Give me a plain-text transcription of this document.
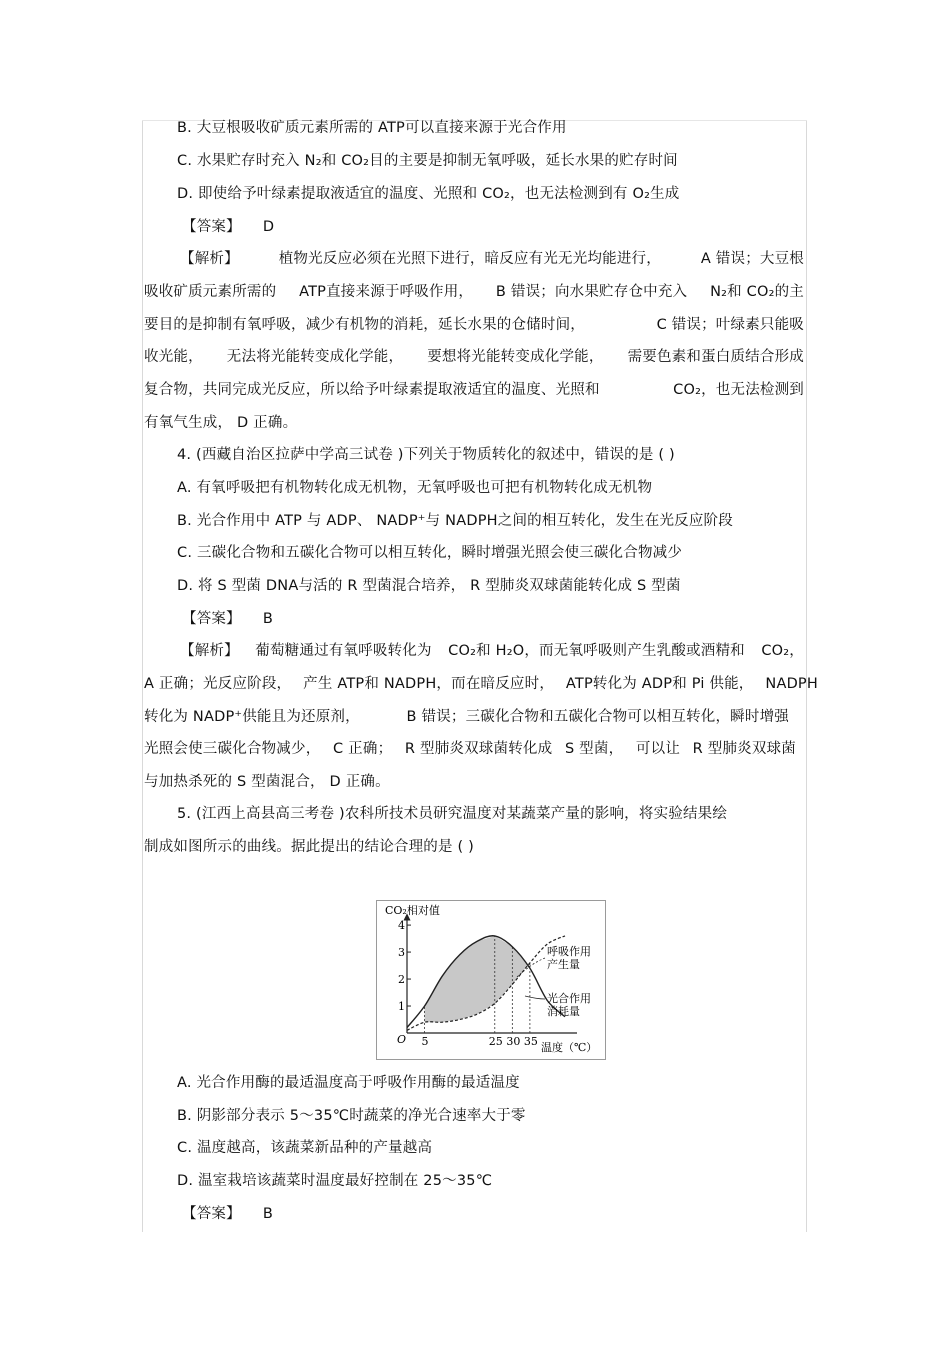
B. 大豆根吸收矿质元素所需的 ATP可以直接来源于光合作用
C. 水果贮存时充入 N₂和 CO₂目的主要是抑制无氧呼吸，延长水果的贮存时间
D. 即使给予叶绿素提取液适宜的温度、光照和 CO₂，也无法检测到有 O₂生成
【答案】 D
【解析】	植物光反应必须在光照下进行，暗反应有光无光均能进行，	A 错误；大豆根
吸收矿质元素所需的 ATP直接来源于呼吸作用， B 错误；向水果贮存仓中充入 N₂和 CO₂的主
要目的是抑制有氧呼吸，减少有机物的消耗，延长水果的仓储时间，	C 错误；叶绿素只能吸
收光能， 无法将光能转变成化学能， 要想将光能转变成化学能， 需要色素和蛋白质结合形成
复合物，共同完成光反应，所以给予叶绿素提取液适宜的温度、光照和	CO₂，也无法检测到
有氧气生成， D 正确。
4. (西藏自治区拉萨中学高三试卷 )下列关于物质转化的叙述中，错误的是 ( )
A. 有氧呼吸把有机物转化成无机物，无氧呼吸也可把有机物转化成无机物
B. 光合作用中 ATP 与 ADP、 NADP⁺与 NADPH之间的相互转化，发生在光反应阶段
C. 三碳化合物和五碳化合物可以相互转化，瞬时增强光照会使三碳化合物减少
D. 将 S 型菌 DNA与活的 R 型菌混合培养， R 型肺炎双球菌能转化成 S 型菌
【答案】 B
【解析】 葡萄糖通过有氧呼吸转化为 CO₂和 H₂O，而无氧呼吸则产生乳酸或酒精和 CO₂，
A 正确；光反应阶段， 产生 ATP和 NADPH，而在暗反应时， ATP转化为 ADP和 Pi 供能， NADPH
转化为 NADP⁺供能且为还原剂，	B 错误；三碳化合物和五碳化合物可以相互转化，瞬时增强
光照会使三碳化合物减少， C 正确； R 型肺炎双球菌转化成 S 型菌， 可以让 R 型肺炎双球菌
与加热杀死的 S 型菌混合， D 正确。
5. (江西上高县高三考卷 )农科所技术员研究温度对某蔬菜产量的影响，将实验结果绘
制成如图所示的曲线。据此提出的结论合理的是 ( )
1
2
3
4
5	25 30 35
CO₂相对值
O
温度（℃）
呼吸作用
产生量
光合作用
消耗量
A. 光合作用酶的最适温度高于呼吸作用酶的最适温度
B. 阴影部分表示 5～35℃时蔬菜的净光合速率大于零
C. 温度越高，该蔬菜新品种的产量越高
D. 温室栽培该蔬菜时温度最好控制在 25～35℃
【答案】 B
